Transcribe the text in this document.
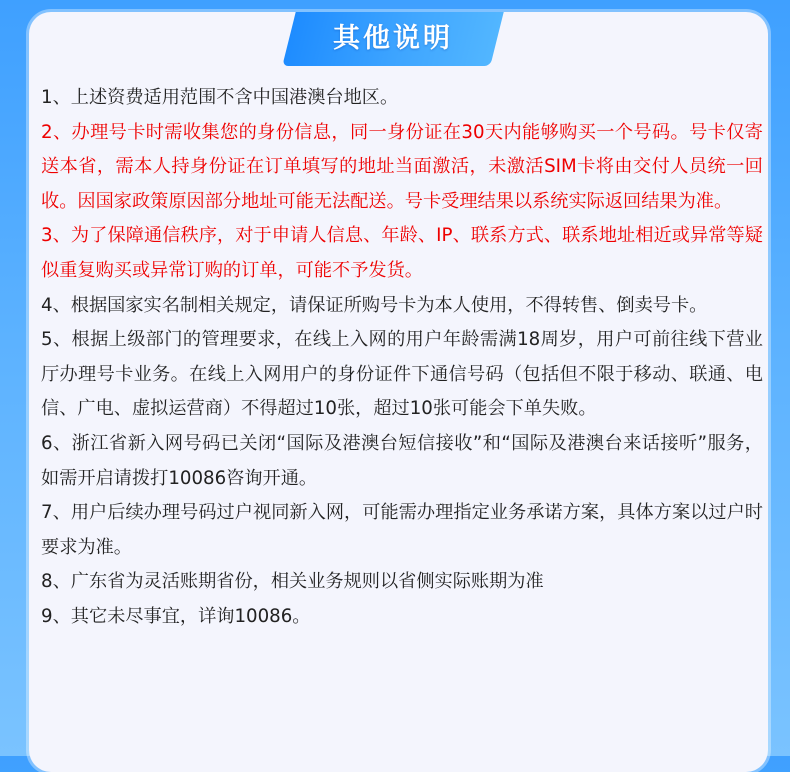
其他说明

1、上述资费适用范围不含中国港澳台地区。

2、办理号卡时需收集您的身份信息，同一身份证在30天内能够购买一个号码。号卡仅寄送本省，需本人持身份证在订单填写的地址当面激活，未激活SIM卡将由交付人员统一回收。因国家政策原因部分地址可能无法配送。号卡受理结果以系统实际返回结果为准。

3、为了保障通信秩序，对于申请人信息、年龄、IP、联系方式、联系地址相近或异常等疑似重复购买或异常订购的订单，可能不予发货。

4、根据国家实名制相关规定，请保证所购号卡为本人使用，不得转售、倒卖号卡。

5、根据上级部门的管理要求，在线上入网的用户年龄需满18周岁，用户可前往线下营业厅办理号卡业务。在线上入网用户的身份证件下通信号码（包括但不限于移动、联通、电信、广电、虚拟运营商）不得超过10张，超过10张可能会下单失败。

6、浙江省新入网号码已关闭“国际及港澳台短信接收”和“国际及港澳台来话接听”服务，如需开启请拨打10086咨询开通。

7、用户后续办理号码过户视同新入网，可能需办理指定业务承诺方案，具体方案以过户时要求为准。

8、广东省为灵活账期省份，相关业务规则以省侧实际账期为准

9、其它未尽事宜，详询10086。
